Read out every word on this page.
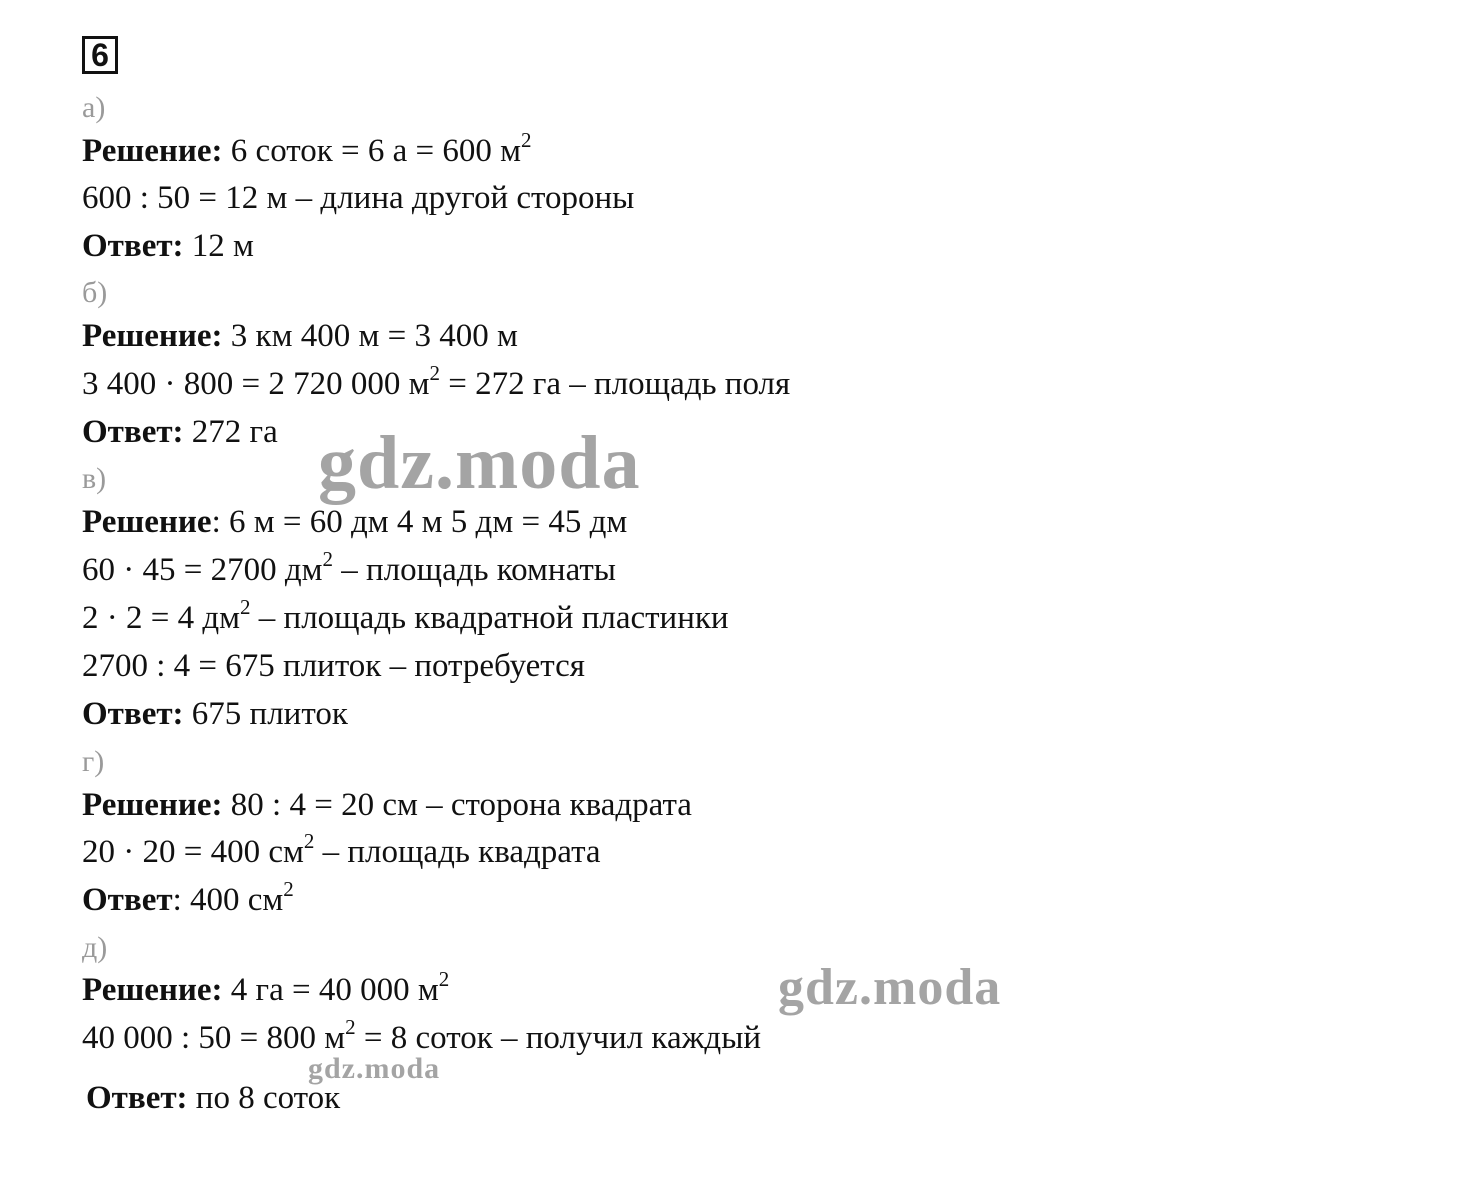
6
а)
Решение: 6 соток = 6 а = 600 $м^2$
600 : 50 = 12 м – длина другой стороны
Ответ: 12 м
б)
Решение: 3 км 400 м = 3 400 м
3 400 · 800 = 2 720 000 $м^2 = 272$ га – площадь поля
Ответ: 272 га
в)
Решение: 6 м = 60 дм 4 м 5 дм = 45 дм
60 · 45 = 2700 $дм^2$ – площадь комнаты
2 · 2 = 4 $дм^2$ – площадь квадратной пластинки
2700 : 4 = 675 плиток – потребуется
Ответ: 675 плиток
г)
Решение: 80 : 4 = 20 см – сторона квадрата
20 · 20 = 400 $см^2$ – площадь квадрата
Ответ: 400 $см^2$
д)
Решение: 4 га = 40 000 $м^2$
40 000 : 50 = 800 $м^2 = 8$ соток – получил каждый
Ответ: по 8 соток
gdz.moda
gdz.moda
gdz.moda
